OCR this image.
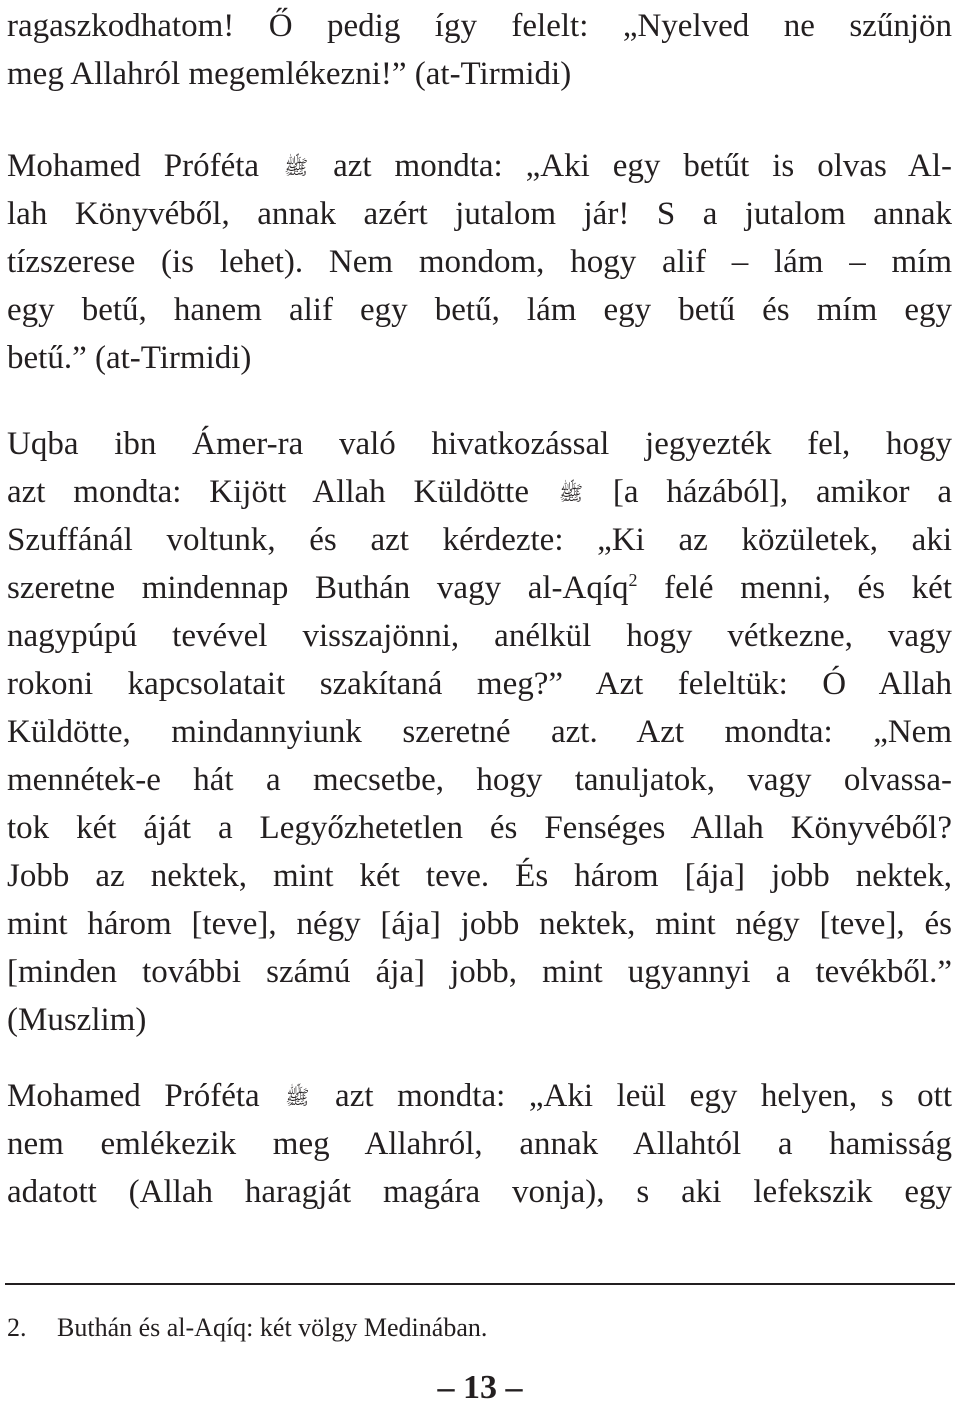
ragaszkodhatom! Ő pedig így felelt: „Nyelved ne szűnjön
meg Allahról megemlékezni!” (at-Tirmidi)
Mohamed Próféta ﷺ azt mondta: „Aki egy betűt is olvas Al-
lah Könyvéből, annak azért jutalom jár! S a jutalom annak
tízszerese (is lehet). Nem mondom, hogy alif – lám – mím
egy betű, hanem alif egy betű, lám egy betű és mím egy
betű.” (at-Tirmidi)
Uqba ibn Ámer-ra való hivatkozással jegyezték fel, hogy
azt mondta: Kijött Allah Küldötte ﷺ [a házából], amikor a
Szuffánál voltunk, és azt kérdezte: „Ki az közületek, aki
szeretne mindennap Buthán vagy al-Aqíq$^2$ felé menni, és két
nagypúpú tevével visszajönni, anélkül hogy vétkezne, vagy
rokoni kapcsolatait szakítaná meg?” Azt feleltük: Ó Allah
Küldötte, mindannyiunk szeretné azt. Azt mondta: „Nem
mennétek-e hát a mecsetbe, hogy tanuljatok, vagy olvassa-
tok két áját a Legyőzhetetlen és Fenséges Allah Könyvéből?
Jobb az nektek, mint két teve. És három [ája] jobb nektek,
mint három [teve], négy [ája] jobb nektek, mint négy [teve], és
[minden további számú ája] jobb, mint ugyannyi a tevékből.”
(Muszlim)
Mohamed Próféta ﷺ azt mondta: „Aki leül egy helyen, s ott
nem emlékezik meg Allahról, annak Allahtól a hamisság
adatott (Allah haragját magára vonja), s aki lefekszik egy
2. Buthán és al-Aqíq: két völgy Medinában.
– 13 –
